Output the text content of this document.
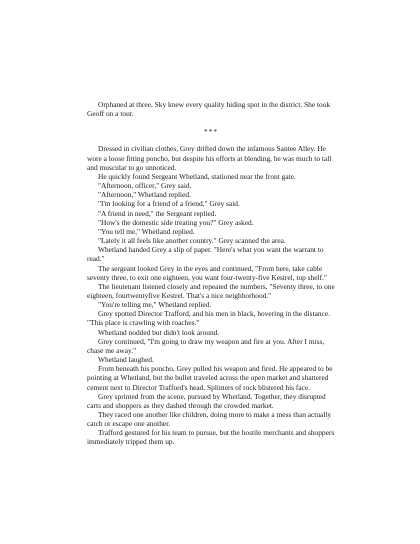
Orphaned at three, Sky knew every quality hiding spot in the district. She took Geoff on a tour.

***

Dressed in civilian clothes, Grey drifted down the infamous Santee Alley. He wore a loose fitting poncho, but despite his efforts at blending, he was much to tall and muscular to go unnoticed.

He quickly found Sergeant Whetland, stationed near the front gate.

"Afternoon, officer," Grey said.

"Afternoon," Whetland replied.

"I'm looking for a friend of a friend," Grey said.

"A friend in need," the Sergeant replied.

"How's the domestic side treating you?" Grey asked.

"You tell me," Whetland replied.

"Lately it all feels like another country." Grey scanned the area.

Whetland handed Grey a slip of paper. "Here's what you want the warrant to read."

The sergeant looked Grey in the eyes and continued, "From here, take cable seventy three, to exit one eighteen, you want four-twenty-five Kestrel, top shelf."

The lieutenant listened closely and repeated the numbers, "Seventy three, to one eighteen, fourtwentyfive Kestrel. That's a nice neighborhood."

"You're telling me," Whetland replied.

Grey spotted Director Trafford, and his men in black, hovering in the distance. "This place is crawling with roaches."

Whetland nodded but didn't look around.

Grey continued, "I'm going to draw my weapon and fire at you. After I miss, chase me away."

Whetland laughed.

From beneath his poncho, Grey pulled his weapon and fired. He appeared to be pointing at Whetland, but the bullet traveled across the open market and shattered cement next to Director Trafford's head. Splinters of rock blistered his face.

Grey sprinted from the scene, pursued by Whetland. Together, they disrupted carts and shoppers as they dashed through the crowded market.

They raced one another like children, doing more to make a mess than actually catch or escape one another.

Trafford gestured for his team to pursue, but the hostile merchants and shoppers immediately tripped them up.
